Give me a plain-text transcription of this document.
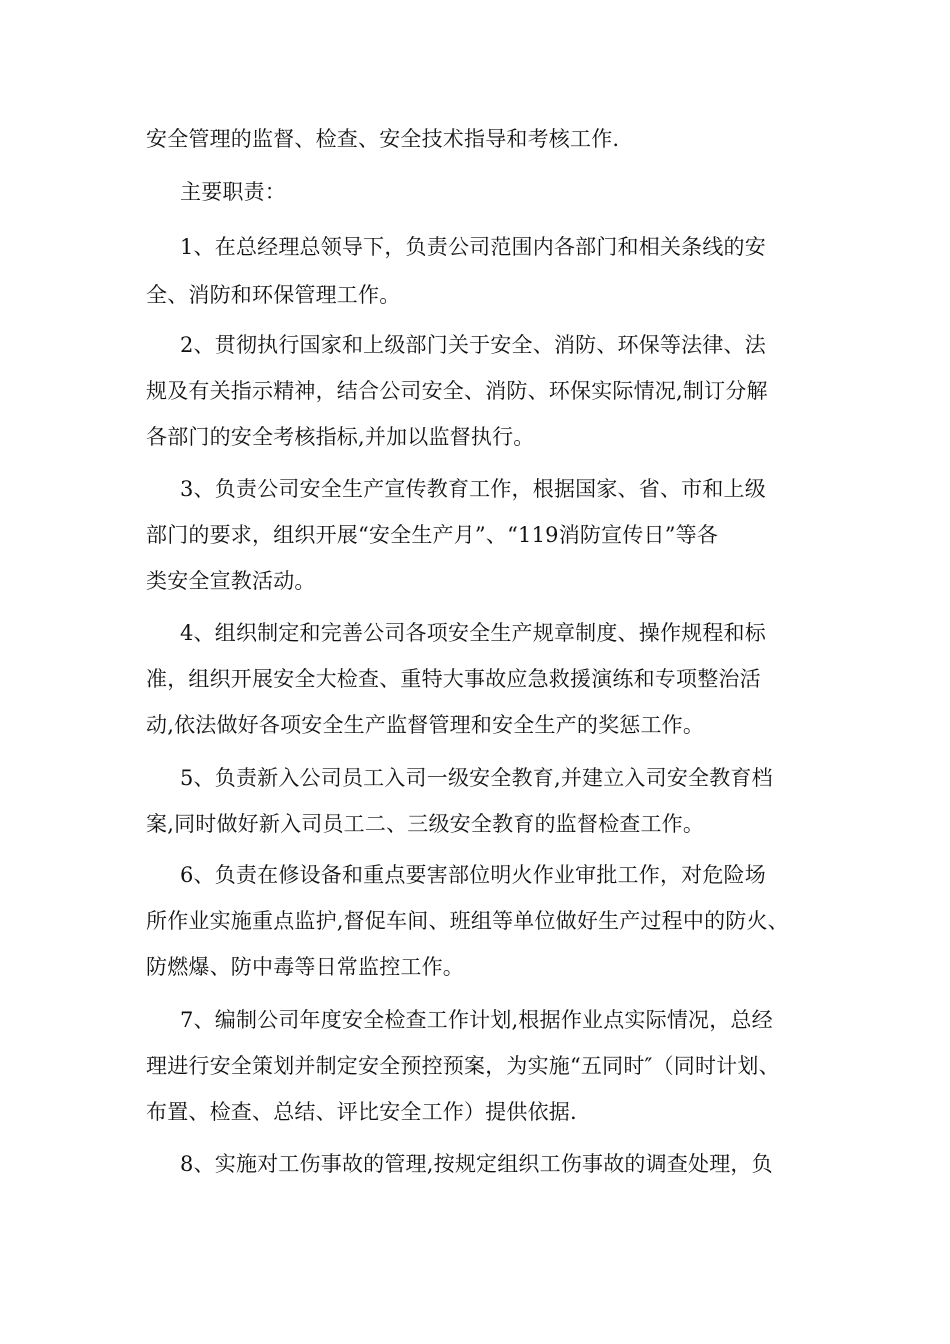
安全管理的监督、检查、安全技术指导和考核工作.
主要职责：
1、在总经理总领导下，负责公司范围内各部门和相关条线的安
全、消防和环保管理工作。
2、贯彻执行国家和上级部门关于安全、消防、环保等法律、法
规及有关指示精神，结合公司安全、消防、环保实际情况,制订分解
各部门的安全考核指标,并加以监督执行。
3、负责公司安全生产宣传教育工作，根据国家、省、市和上级
部门的要求，组织开展“安全生产月”、“119消防宣传日”等各
类安全宣教活动。
4、组织制定和完善公司各项安全生产规章制度、操作规程和标
准，组织开展安全大检查、重特大事故应急救援演练和专项整治活
动,依法做好各项安全生产监督管理和安全生产的奖惩工作。
5、负责新入公司员工入司一级安全教育,并建立入司安全教育档
案,同时做好新入司员工二、三级安全教育的监督检查工作。
6、负责在修设备和重点要害部位明火作业审批工作，对危险场
所作业实施重点监护,督促车间、班组等单位做好生产过程中的防火、
防燃爆、防中毒等日常监控工作。
7、编制公司年度安全检查工作计划,根据作业点实际情况，总经
理进行安全策划并制定安全预控预案，为实施“五同时″（同时计划、
布置、检查、总结、评比安全工作）提供依据.
8、实施对工伤事故的管理,按规定组织工伤事故的调查处理，负
